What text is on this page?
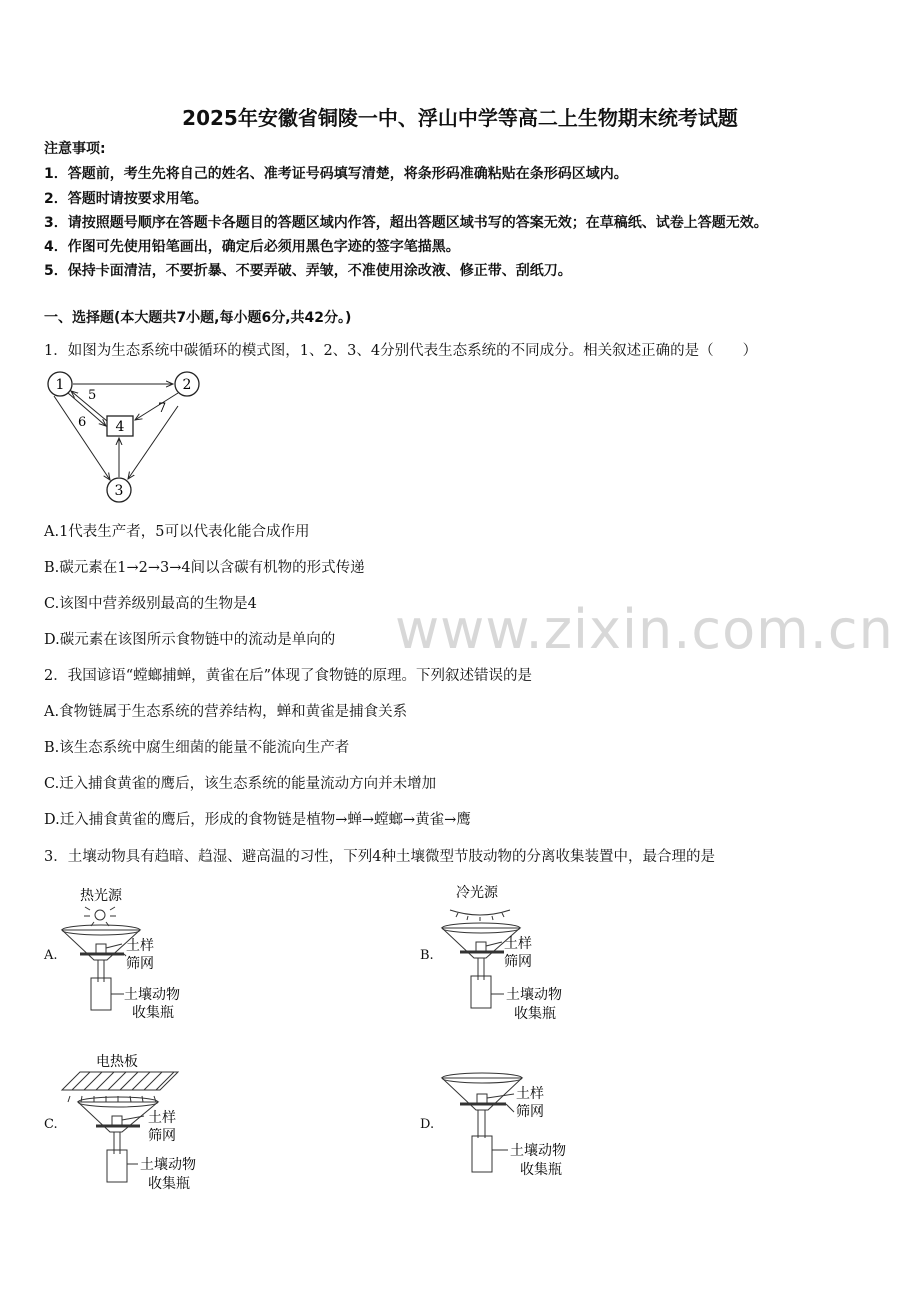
2025年安徽省铜陵一中、浮山中学等高二上生物期末统考试题
注意事项:
1．答题前，考生先将自己的姓名、准考证号码填写清楚，将条形码准确粘贴在条形码区域内。
2．答题时请按要求用笔。
3．请按照题号顺序在答题卡各题目的答题区域内作答，超出答题区域书写的答案无效；在草稿纸、试卷上答题无效。
4．作图可先使用铅笔画出，确定后必须用黑色字迹的签字笔描黑。
5．保持卡面清洁，不要折暴、不要弄破、弄皱，不准使用涂改液、修正带、刮纸刀。
一、选择题(本大题共7小题,每小题6分,共42分。)
1．如图为生态系统中碳循环的模式图，1、2、3、4分别代表生态系统的不同成分。相关叙述正确的是（　　）
1	2
3
4
5
6
7
A.1代表生产者，5可以代表化能合成作用
B.碳元素在1→2→3→4间以含碳有机物的形式传递
C.该图中营养级别最高的生物是4
D.碳元素在该图所示食物链中的流动是单向的 www.zixin.com.cn
2．我国谚语“螳螂捕蝉，黄雀在后”体现了食物链的原理。下列叙述错误的是
A.食物链属于生态系统的营养结构，蝉和黄雀是捕食关系
B.该生态系统中腐生细菌的能量不能流向生产者
C.迁入捕食黄雀的鹰后，该生态系统的能量流动方向并未增加
D.迁入捕食黄雀的鹰后，形成的食物链是植物→蝉→螳螂→黄雀→鹰
3．土壤动物具有趋暗、趋湿、避高温的习性，下列4种土壤微型节肢动物的分离收集装置中，最合理的是
A.
热光源
土样
筛网
土壤动物
收集瓶
B.
冷光源
土样
筛网
土壤动物
收集瓶
C.
电热板
土样
筛网
土壤动物
收集瓶
D.
土样
筛网
土壤动物
收集瓶
